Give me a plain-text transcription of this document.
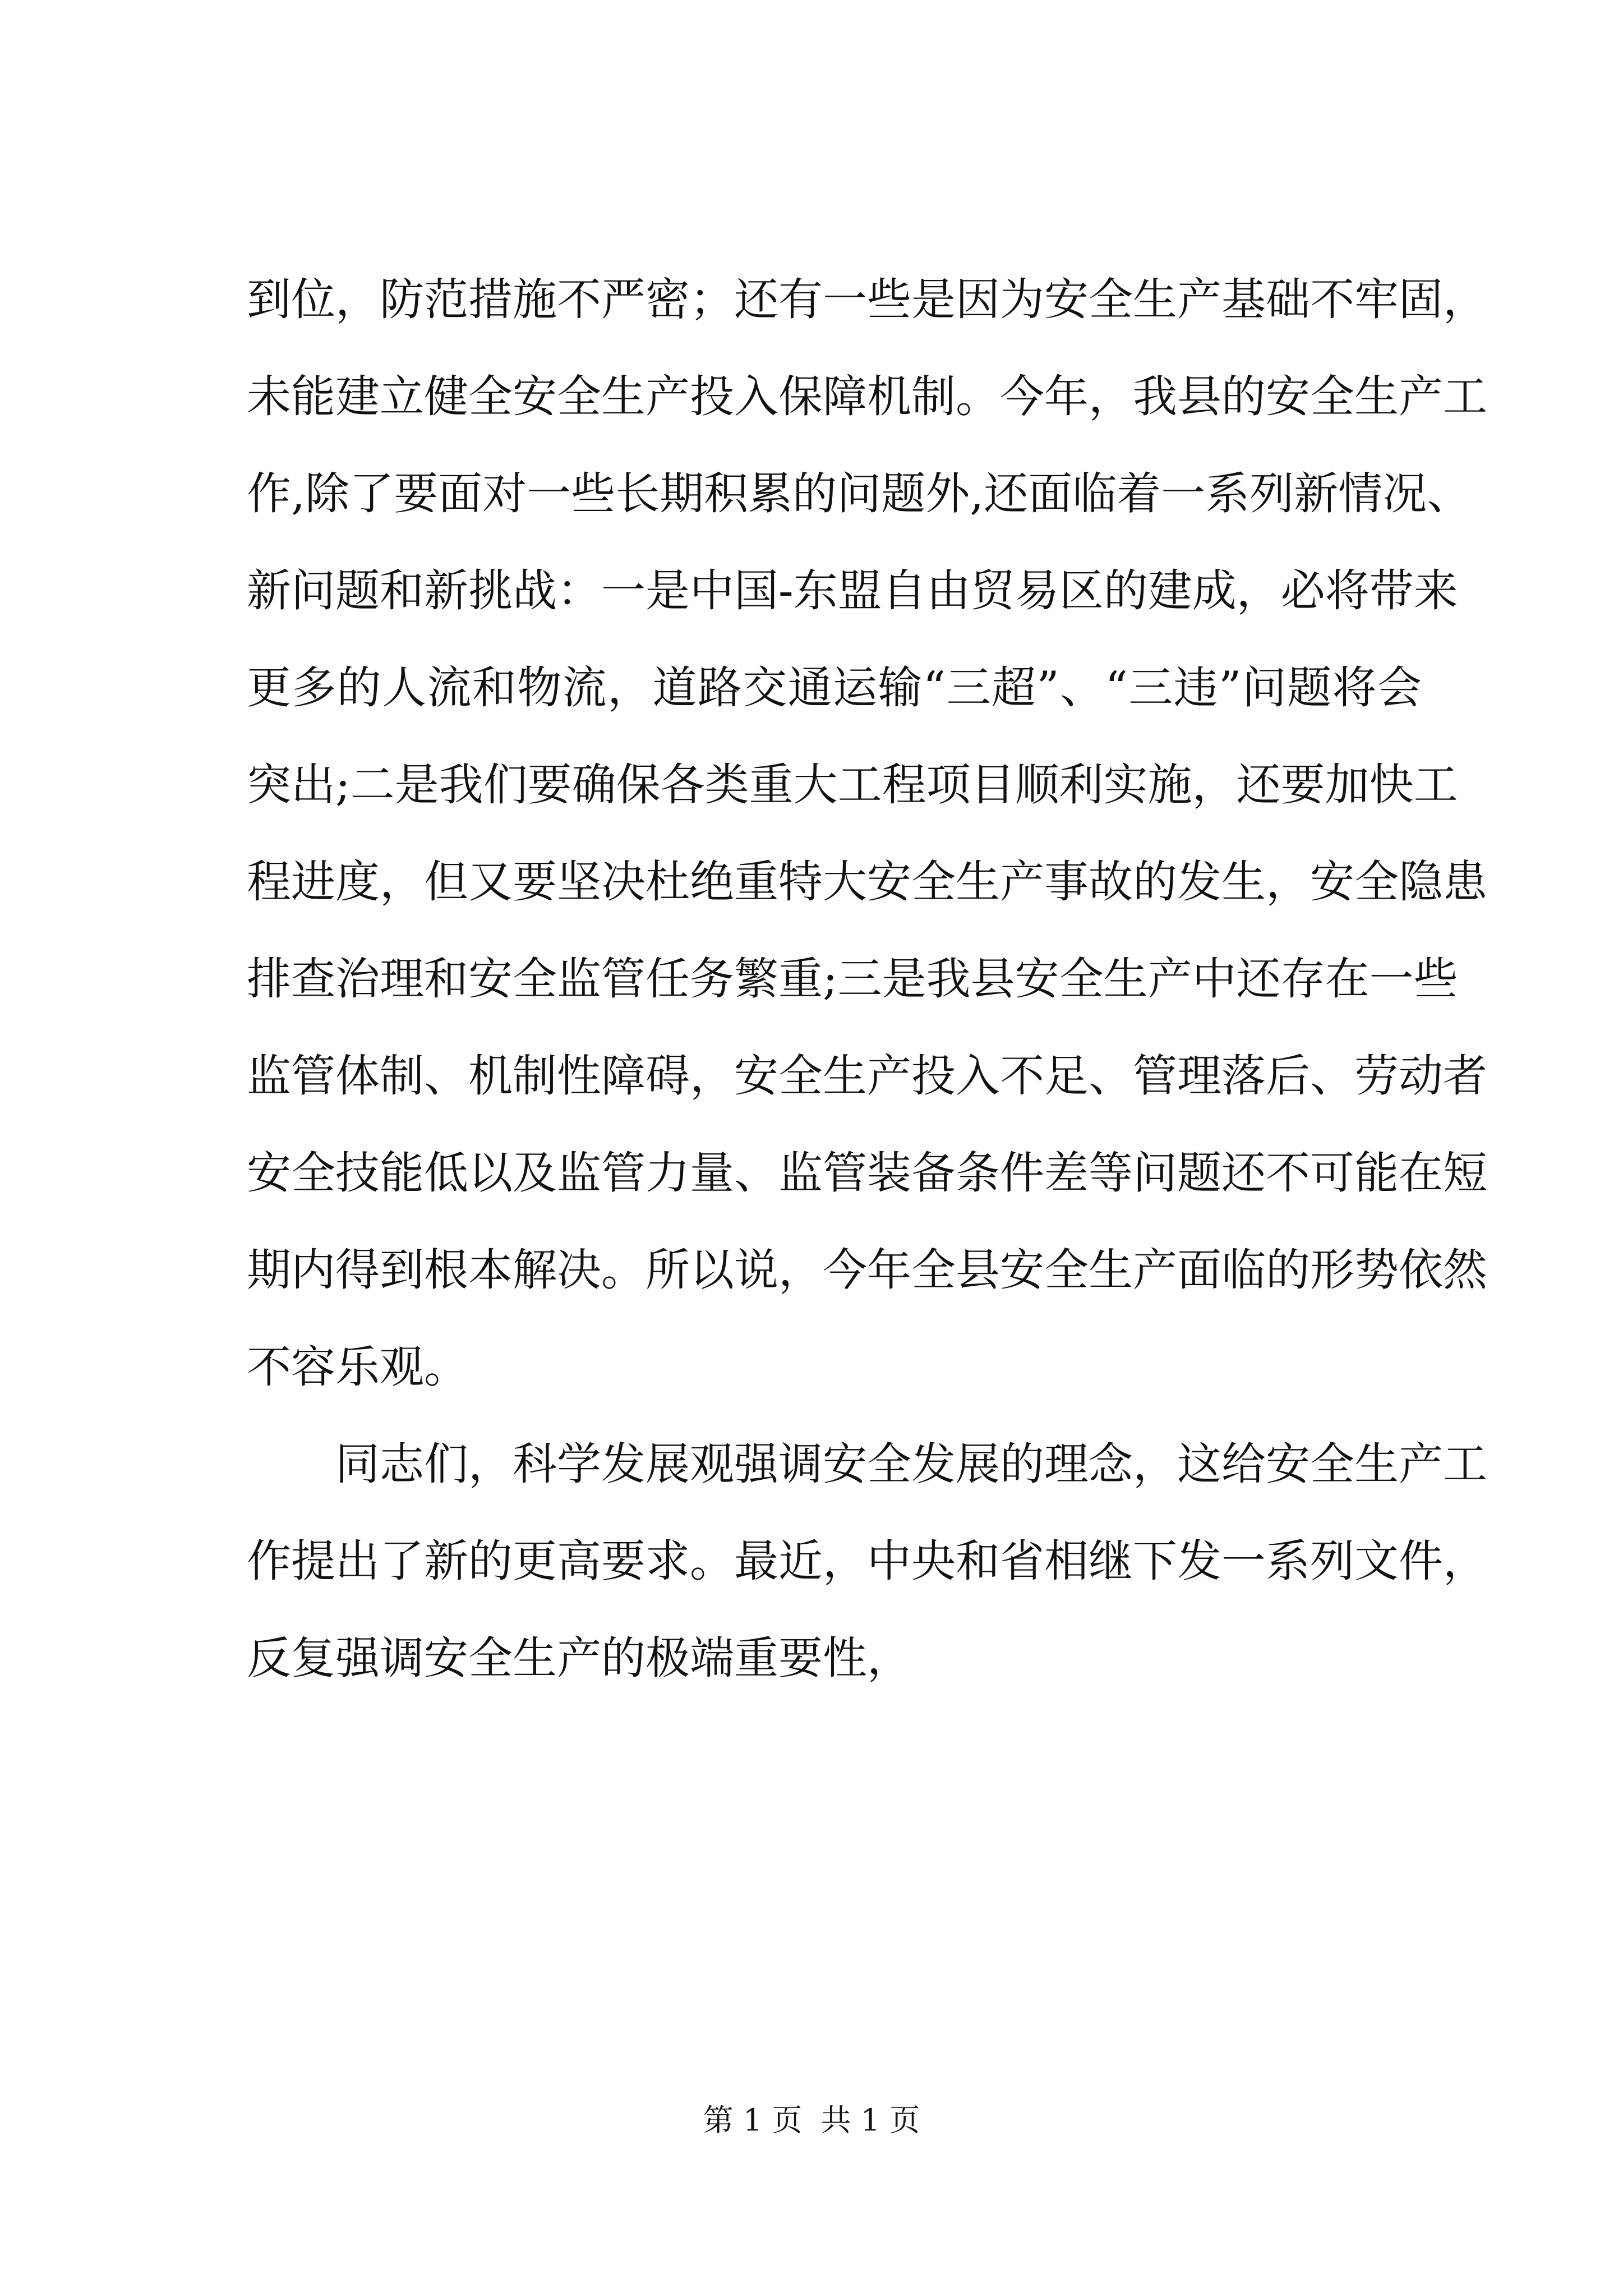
到位，防范措施不严密；还有一些是因为安全生产基础不牢固，
未能建立健全安全生产投入保障机制。今年，我县的安全生产工
作,除了要面对一些长期积累的问题外,还面临着一系列新情况、
新问题和新挑战：一是中国-东盟自由贸易区的建成，必将带来
更多的人流和物流，道路交通运输“三超”、“三违”问题将会
突出;二是我们要确保各类重大工程项目顺利实施，还要加快工
程进度，但又要坚决杜绝重特大安全生产事故的发生，安全隐患
排查治理和安全监管任务繁重;三是我县安全生产中还存在一些
监管体制、机制性障碍，安全生产投入不足、管理落后、劳动者
安全技能低以及监管力量、监管装备条件差等问题还不可能在短
期内得到根本解决。所以说，今年全县安全生产面临的形势依然
不容乐观。
同志们，科学发展观强调安全发展的理念，这给安全生产工
作提出了新的更高要求。最近，中央和省相继下发一系列文件，
反复强调安全生产的极端重要性，
第 1 页 共 1 页
